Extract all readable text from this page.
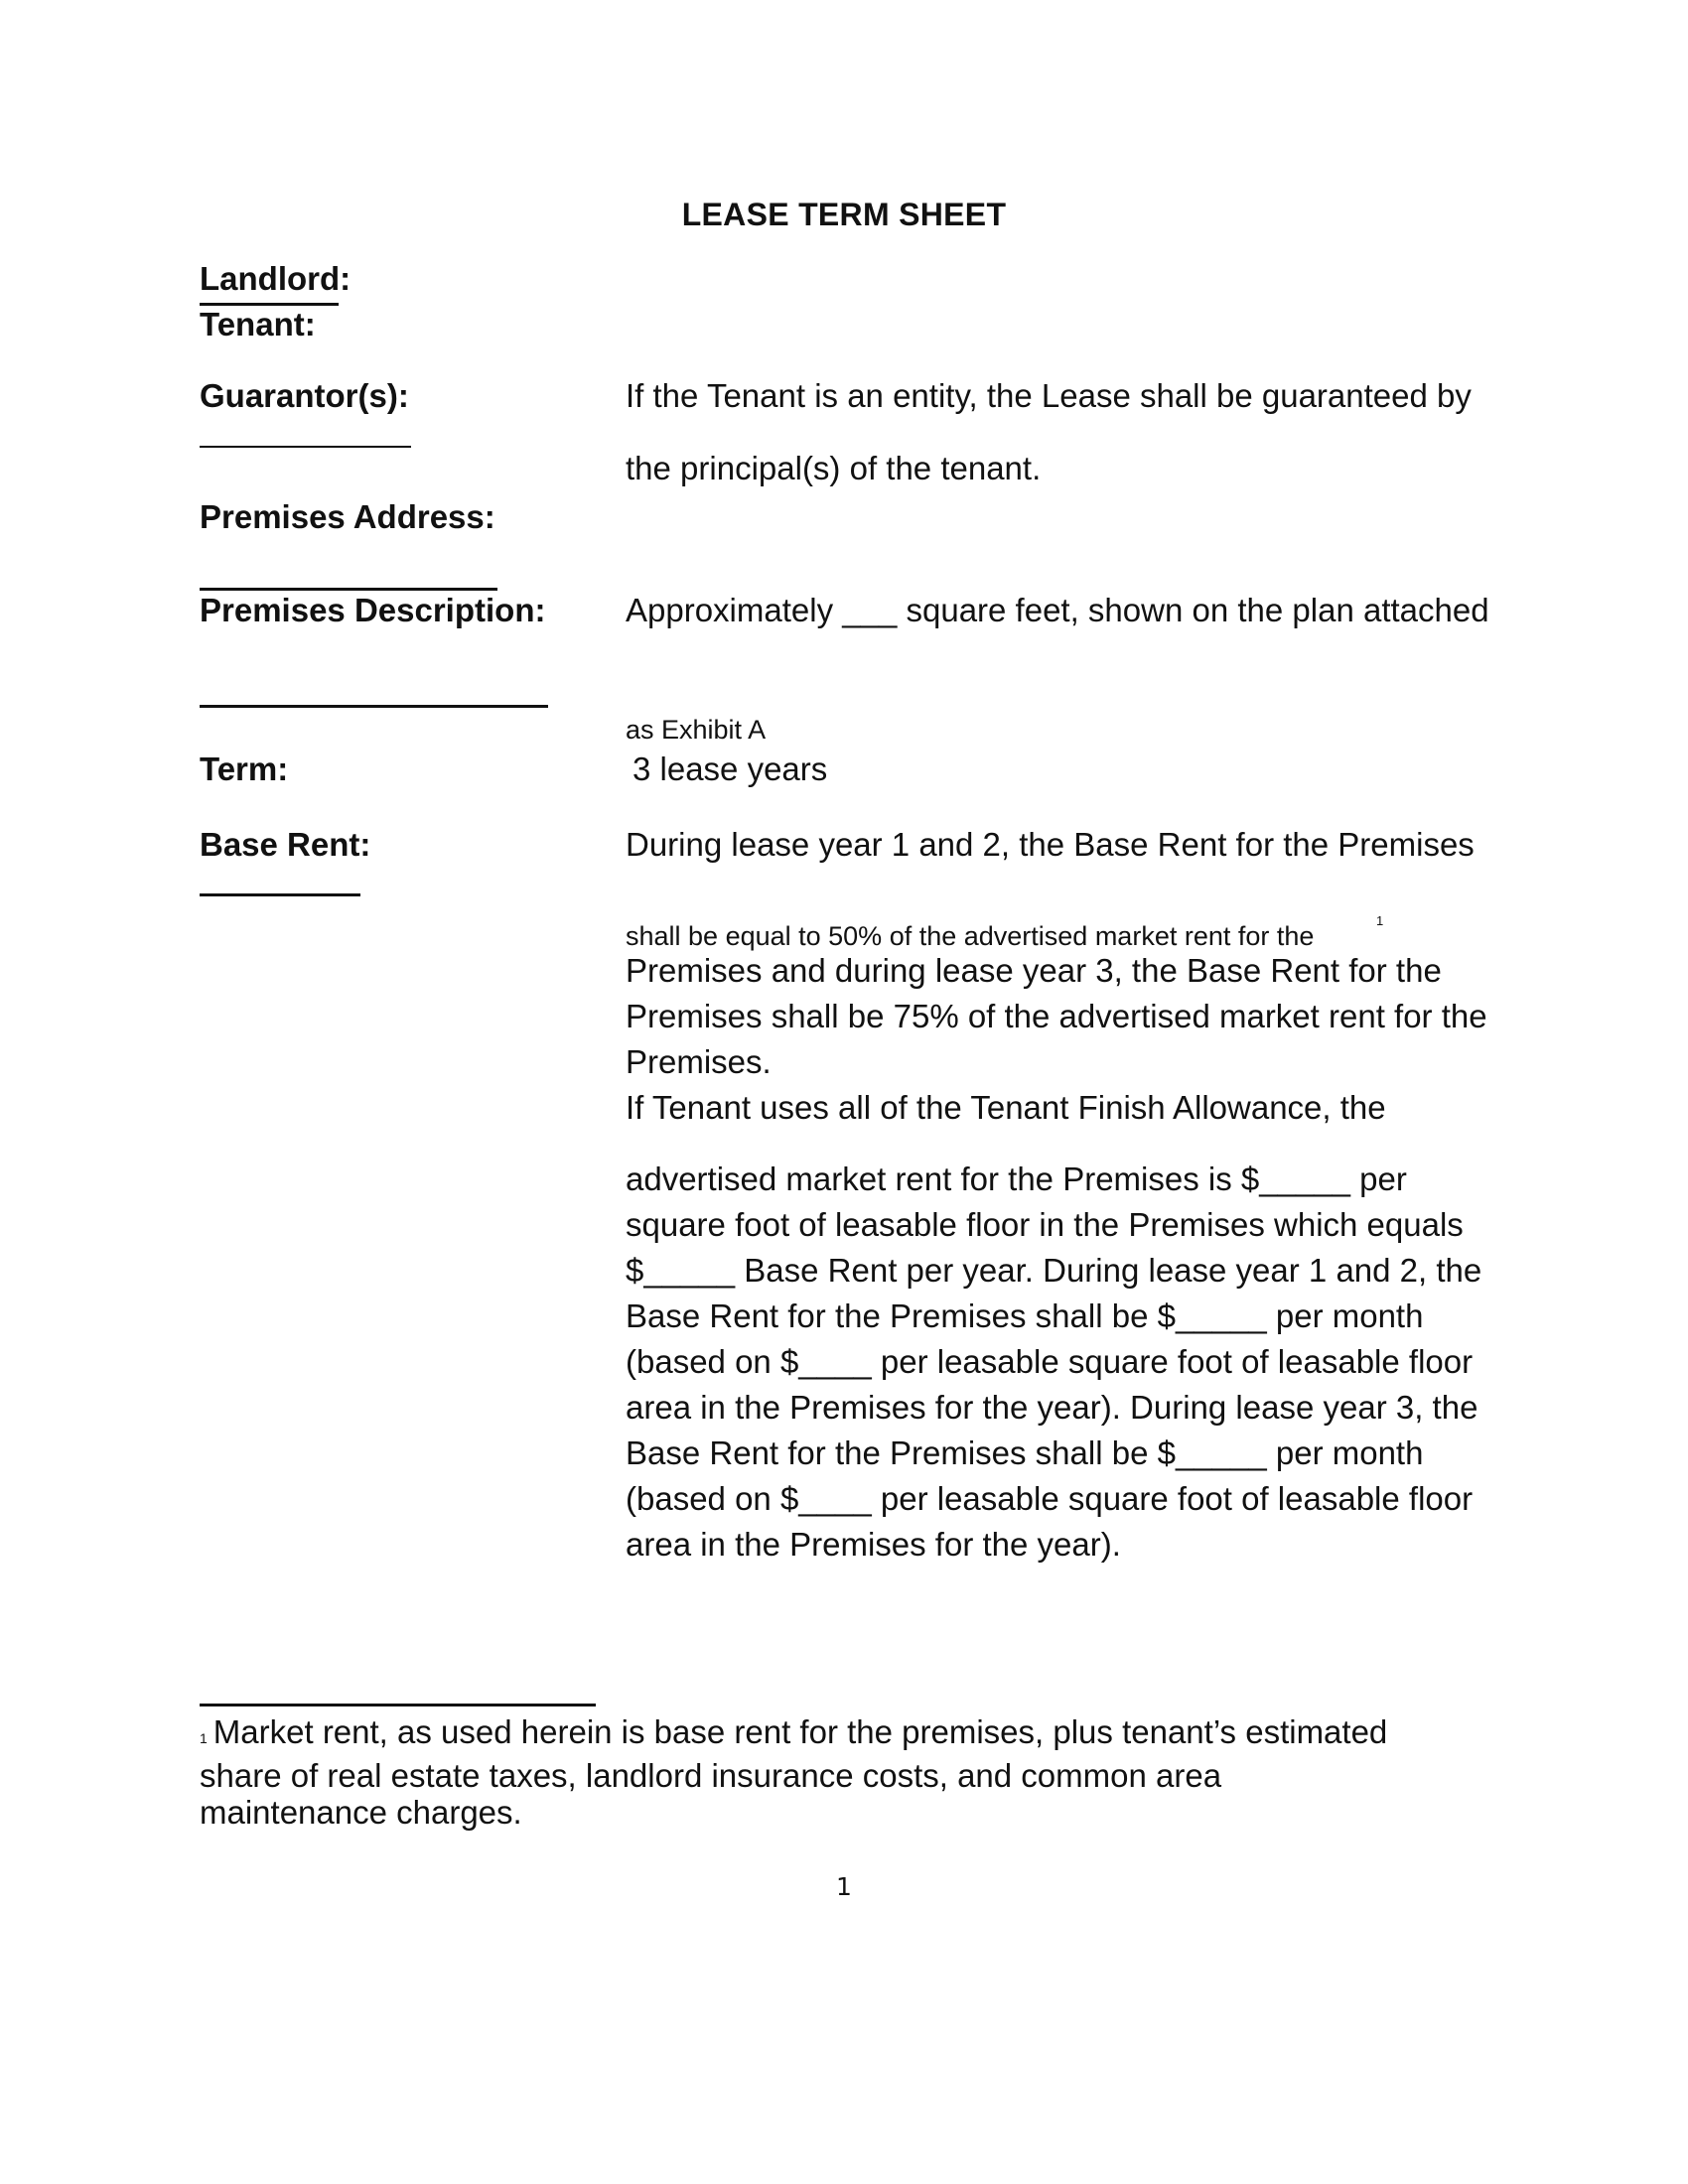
LEASE TERM SHEET
Landlord:
Tenant:
Guarantor(s):	If the Tenant is an entity, the Lease shall be guaranteed by
the principal(s) of the tenant.
Premises Address:
Premises Description: Approximately ___ square feet, shown on the plan attached
as Exhibit A
Term:	3 lease years
Base Rent:	During lease year 1 and 2, the Base Rent for the Premises
shall be equal to 50% of the advertised market rent for the
1
Premises and during lease year 3, the Base Rent for the
Premises shall be 75% of the advertised market rent for the
Premises.
If Tenant uses all of the Tenant Finish Allowance, the
advertised market rent for the Premises is $_____ per
square foot of leasable floor in the Premises which equals
$_____ Base Rent per year. During lease year 1 and 2, the
Base Rent for the Premises shall be $_____ per month
(based on $____ per leasable square foot of leasable floor
area in the Premises for the year). During lease year 3, the
Base Rent for the Premises shall be $_____ per month
(based on $____ per leasable square foot of leasable floor
area in the Premises for the year).
1 Market rent, as used herein is base rent for the premises, plus tenant’s estimated
share of real estate taxes, landlord insurance costs, and common area
maintenance charges.
1
